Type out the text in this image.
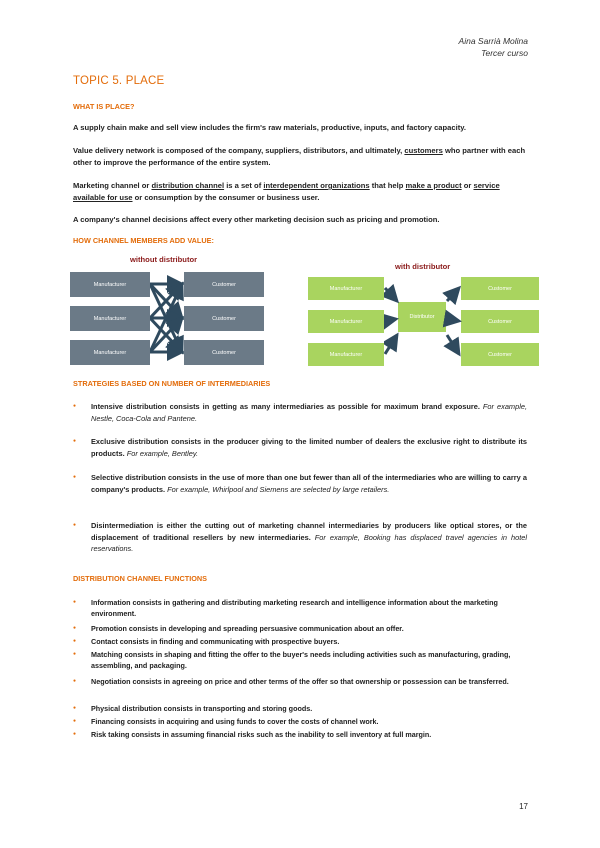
Aina Sarrià Molina
Tercer curso
TOPIC 5. PLACE
WHAT IS PLACE?
A supply chain make and sell view includes the firm's raw materials, productive, inputs, and factory capacity.
Value delivery network is composed of the company, suppliers, distributors, and ultimately, customers who partner with each other to improve the performance of the entire system.
Marketing channel or distribution channel is a set of interdependent organizations that help make a product or service available for use or consumption by the consumer or business user.
A company's channel decisions affect every other marketing decision such as pricing and promotion.
HOW CHANNEL MEMBERS ADD VALUE:
without distributor
Manufacturer
Manufacturer
Manufacturer
Customer
Customer
Customer
with distributor
Manufacturer
Manufacturer
Manufacturer
Distributor
Customer
Customer
Customer
STRATEGIES BASED ON NUMBER OF INTERMEDIARIES
● Intensive distribution consists in getting as many intermediaries as possible for maximum brand exposure. For example, Nestle, Coca-Cola and Pantene.
● Exclusive distribution consists in the producer giving to the limited number of dealers the exclusive right to distribute its products. For example, Bentley.
● Selective distribution consists in the use of more than one but fewer than all of the intermediaries who are willing to carry a company's products. For example, Whirlpool and Siemens are selected by large retailers.
● Disintermediation is either the cutting out of marketing channel intermediaries by producers like optical stores, or the displacement of traditional resellers by new intermediaries. For example, Booking has displaced travel agencies in hotel reservations.
DISTRIBUTION CHANNEL FUNCTIONS
● Information consists in gathering and distributing marketing research and intelligence information about the marketing environment.
● Promotion consists in developing and spreading persuasive communication about an offer.
● Contact consists in finding and communicating with prospective buyers.
● Matching consists in shaping and fitting the offer to the buyer's needs including activities such as manufacturing, grading, assembling, and packaging.
● Negotiation consists in agreeing on price and other terms of the offer so that ownership or possession can be transferred.
● Physical distribution consists in transporting and storing goods.
● Financing consists in acquiring and using funds to cover the costs of channel work.
● Risk taking consists in assuming financial risks such as the inability to sell inventory at full margin.
17
